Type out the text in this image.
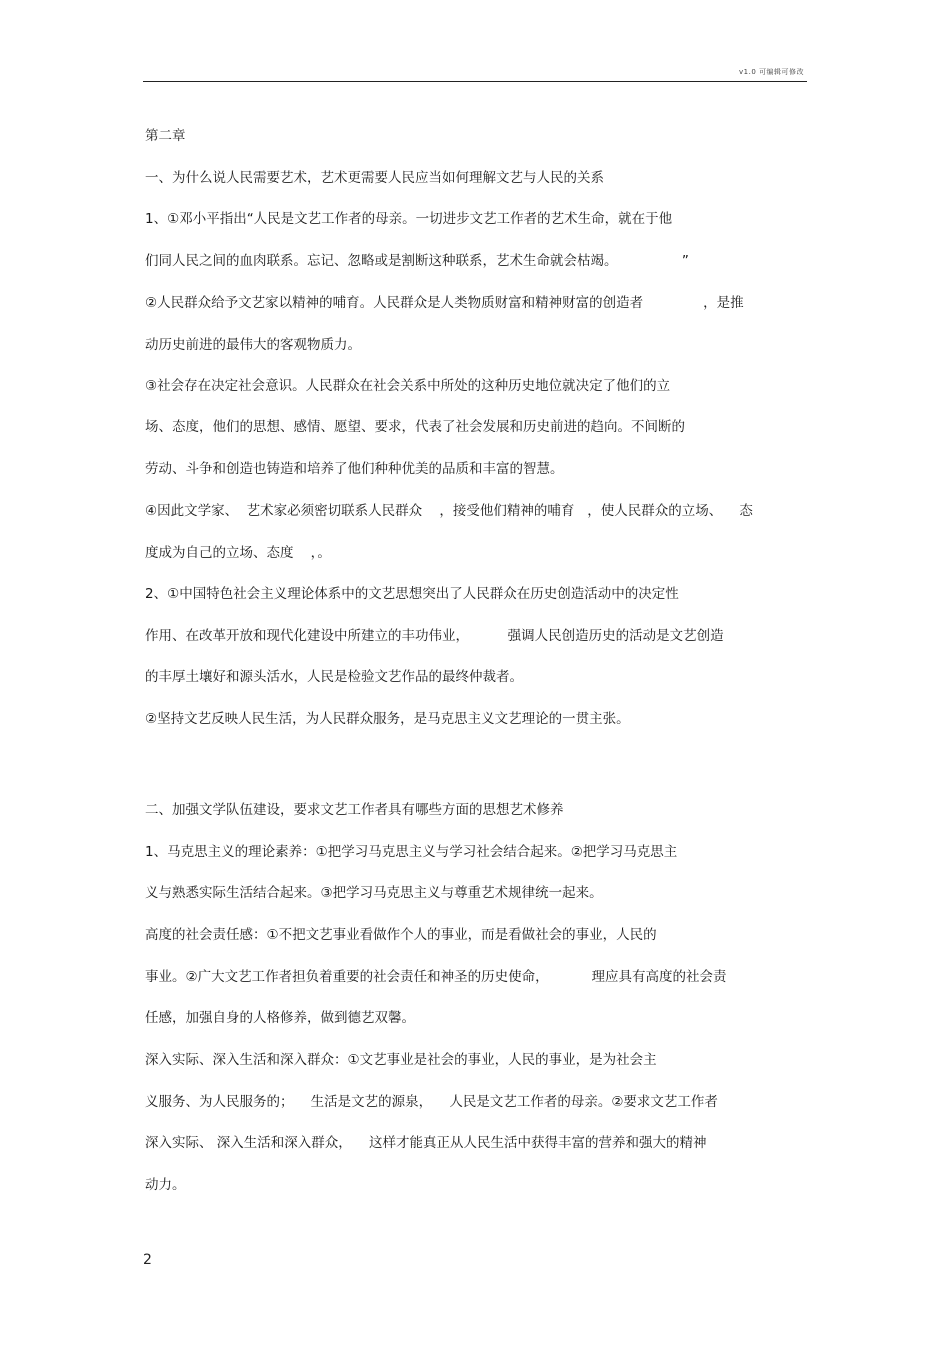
v1.0 可编辑可修改
第二章
一、为什么说人民需要艺术，艺术更需要人民应当如何理解文艺与人民的关系
1、①邓小平指出“人民是文艺工作者的母亲。一切进步文艺工作者的艺术生命，就在于他
们同人民之间的血肉联系。忘记、忽略或是割断这种联系，艺术生命就会枯竭。               ”
②人民群众给予文艺家以精神的哺育。人民群众是人类物质财富和精神财富的创造者              ，是推
动历史前进的最伟大的客观物质力。
③社会存在决定社会意识。人民群众在社会关系中所处的这种历史地位就决定了他们的立
场、态度，他们的思想、感情、愿望、要求，代表了社会发展和历史前进的趋向。不间断的
劳动、斗争和创造也铸造和培养了他们种种优美的品质和丰富的智慧。
④因此文学家、  艺术家必须密切联系人民群众    ，接受他们精神的哺育   ，使人民群众的立场、    态
度成为自己的立场、态度    ，。
2、①中国特色社会主义理论体系中的文艺思想突出了人民群众在历史创造活动中的决定性
作用、在改革开放和现代化建设中所建立的丰功伟业，         强调人民创造历史的活动是文艺创造
的丰厚土壤好和源头活水，人民是检验文艺作品的最终仲裁者。
②坚持文艺反映人民生活，为人民群众服务，是马克思主义文艺理论的一贯主张。
二、加强文学队伍建设，要求文艺工作者具有哪些方面的思想艺术修养
1、马克思主义的理论素养：①把学习马克思主义与学习社会结合起来。②把学习马克思主
义与熟悉实际生活结合起来。③把学习马克思主义与尊重艺术规律统一起来。
高度的社会责任感：①不把文艺事业看做作个人的事业，而是看做社会的事业，人民的
事业。②广大文艺工作者担负着重要的社会责任和神圣的历史使命，          理应具有高度的社会责
任感，加强自身的人格修养，做到德艺双馨。
深入实际、深入生活和深入群众：①文艺事业是社会的事业，人民的事业，是为社会主
义服务、为人民服务的；    生活是文艺的源泉，    人民是文艺工作者的母亲。②要求文艺工作者
深入实际、 深入生活和深入群众，    这样才能真正从人民生活中获得丰富的营养和强大的精神
动力。
2
